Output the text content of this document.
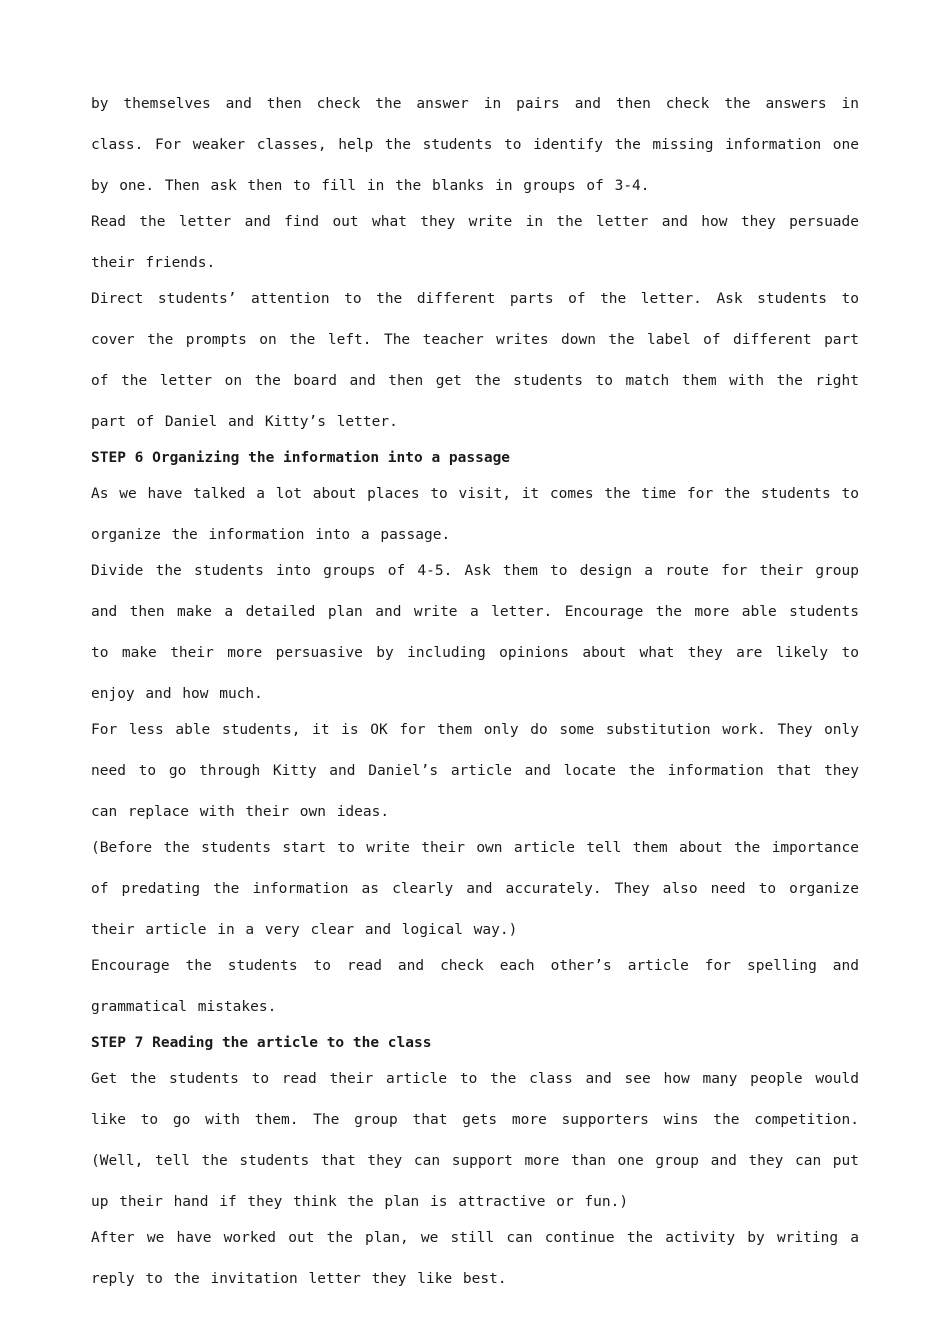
by themselves and then check the answer in pairs and then check the answers in class. For weaker classes, help the students to identify the missing information one by one. Then ask then to fill in the blanks in groups of 3-4.

Read the letter and find out what they write in the letter and how they persuade their friends.

Direct students’ attention to the different parts of the letter. Ask students to cover the prompts on the left. The teacher writes down the label of different part of the letter on the board and then get the students to match them with the right part of Daniel and Kitty’s letter.

STEP 6 Organizing the information into a passage

As we have talked a lot about places to visit, it comes the time for the students to organize the information into a passage.

Divide the students into groups of 4-5. Ask them to design a route for their group and then make a detailed plan and write a letter. Encourage the more able students to make their more persuasive by including opinions about what they are likely to enjoy and how much.

For less able students, it is OK for them only do some substitution work. They only need to go through Kitty and Daniel’s article and locate the information that they can replace with their own ideas.

(Before the students start to write their own article tell them about the importance of predating the information as clearly and accurately. They also need to organize their article in a very clear and logical way.)

Encourage the students to read and check each other’s article for spelling and grammatical mistakes.

STEP 7 Reading the article to the class

Get the students to read their article to the class and see how many people would like to go with them. The group that gets more supporters wins the competition. (Well, tell the students that they can support more than one group and they can put up their hand if they think the plan is attractive or fun.)

After we have worked out the plan, we still can continue the activity by writing a reply to the invitation letter they like best.
